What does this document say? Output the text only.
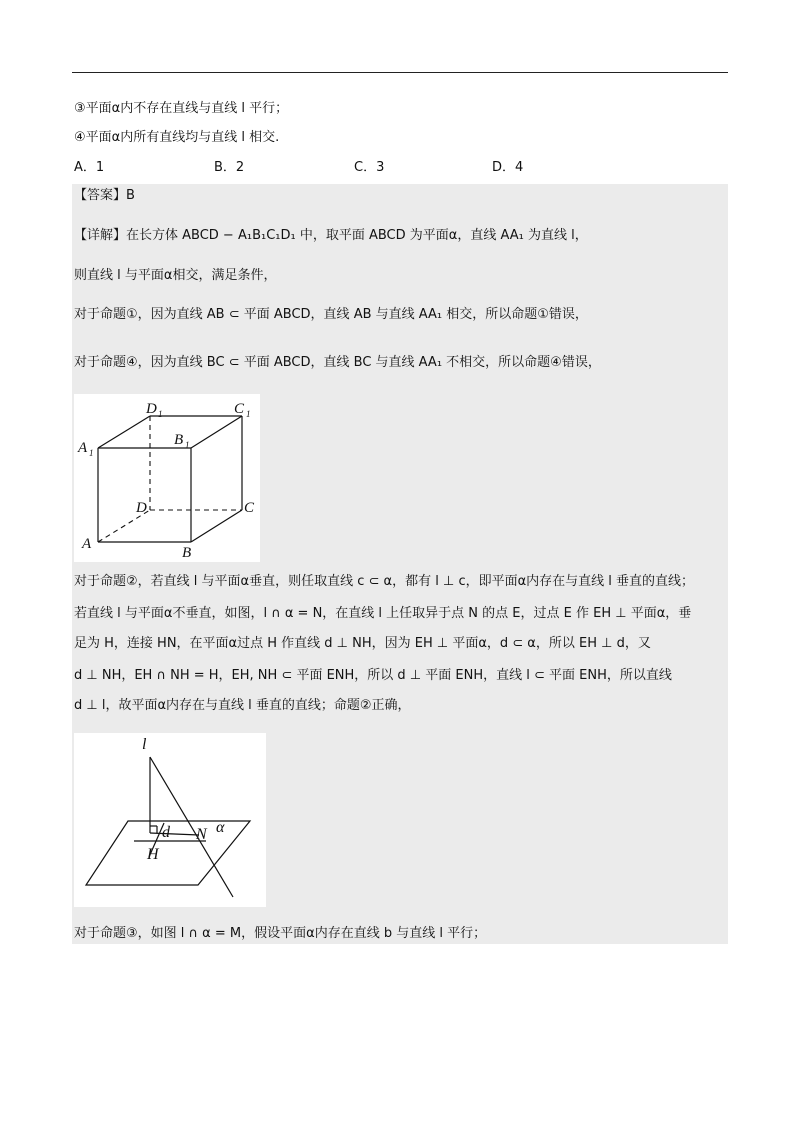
③平面α内不存在直线与直线 l 平行；
④平面α内所有直线均与直线 l 相交.
A．1	B．2	C．3	D．4
【答案】B
【详解】在长方体 ABCD − A₁B₁C₁D₁ 中，取平面 ABCD 为平面α，直线 AA₁ 为直线 l，
则直线 l 与平面α相交，满足条件，
对于命题①，因为直线 AB ⊂ 平面 ABCD，直线 AB 与直线 AA₁ 相交，所以命题①错误，
对于命题④，因为直线 BC ⊂ 平面 ABCD，直线 BC 与直线 AA₁ 不相交，所以命题④错误，
D 1	C 1
B 1
A 1
D	C
A
B
对于命题②，若直线 l 与平面α垂直，则任取直线 c ⊂ α，都有 l ⊥ c，即平面α内存在与直线 l 垂直的直线；
若直线 l 与平面α不垂直，如图，l ∩ α = N，在直线 l 上任取异于点 N 的点 E，过点 E 作 EH ⊥ 平面α，垂
足为 H，连接 HN，在平面α过点 H 作直线 d ⊥ NH，因为 EH ⊥ 平面α，d ⊂ α，所以 EH ⊥ d，又
d ⊥ NH，EH ∩ NH = H，EH, NH ⊂ 平面 ENH，所以 d ⊥ 平面 ENH，直线 l ⊂ 平面 ENH，所以直线
d ⊥ l，故平面α内存在与直线 l 垂直的直线；命题②正确，
l
d N α
H
对于命题③，如图 l ∩ α = M，假设平面α内存在直线 b 与直线 l 平行；
